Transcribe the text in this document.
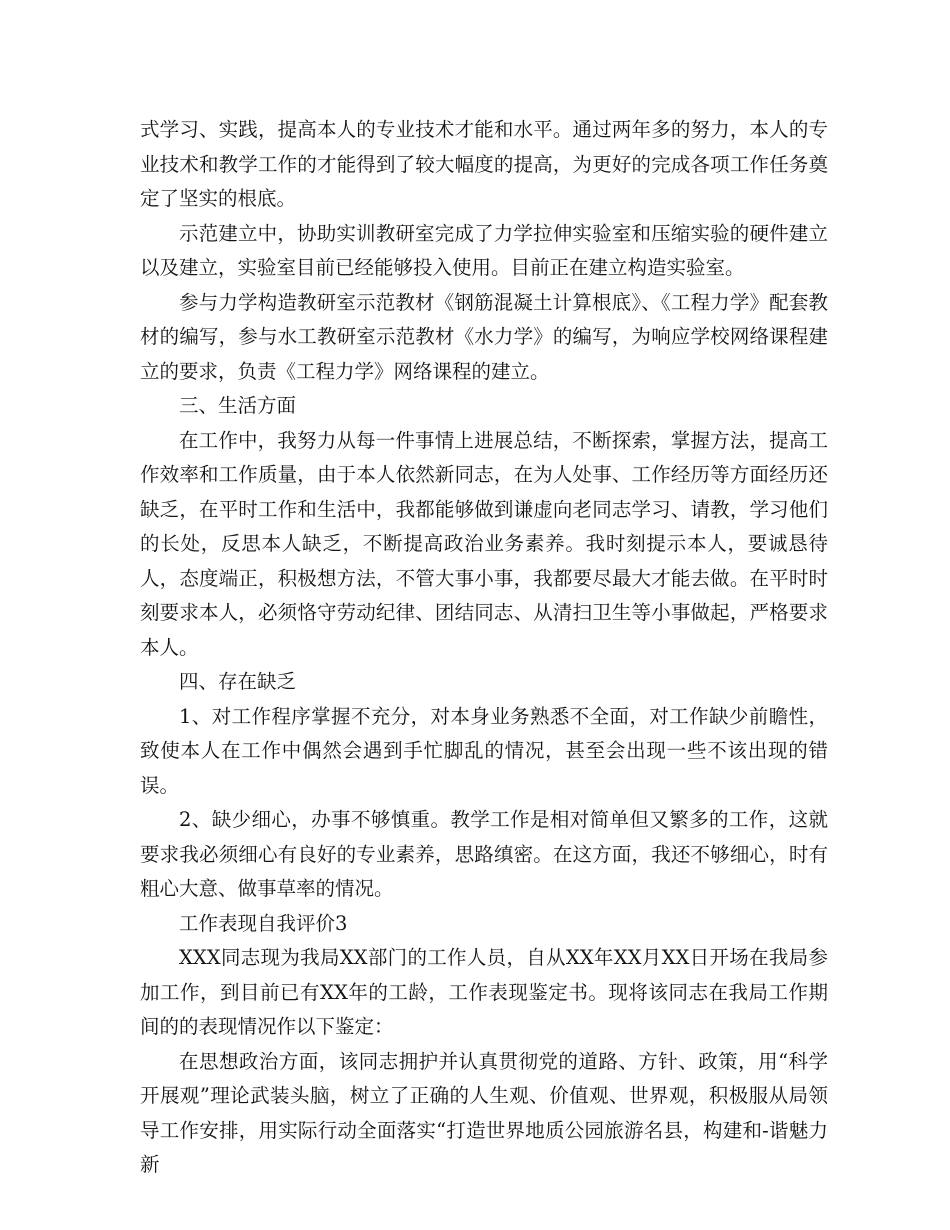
式学习、实践，提高本人的专业技术才能和水平。通过两年多的努力，本人的专业技术和教学工作的才能得到了较大幅度的提高，为更好的完成各项工作任务奠定了坚实的根底。

示范建立中，协助实训教研室完成了力学拉伸实验室和压缩实验的硬件建立以及建立，实验室目前已经能够投入使用。目前正在建立构造实验室。

参与力学构造教研室示范教材《钢筋混凝土计算根底》、《工程力学》配套教材的编写，参与水工教研室示范教材《水力学》的编写，为响应学校网络课程建立的要求，负责《工程力学》网络课程的建立。

三、生活方面

在工作中，我努力从每一件事情上进展总结，不断探索，掌握方法，提高工作效率和工作质量，由于本人依然新同志，在为人处事、工作经历等方面经历还缺乏，在平时工作和生活中，我都能够做到谦虚向老同志学习、请教，学习他们的长处，反思本人缺乏，不断提高政治业务素养。我时刻提示本人，要诚恳待人，态度端正，积极想方法，不管大事小事，我都要尽最大才能去做。在平时时刻要求本人，必须恪守劳动纪律、团结同志、从清扫卫生等小事做起，严格要求本人。

四、存在缺乏

1、对工作程序掌握不充分，对本身业务熟悉不全面，对工作缺少前瞻性，致使本人在工作中偶然会遇到手忙脚乱的情况，甚至会出现一些不该出现的错误。

2、缺少细心，办事不够慎重。教学工作是相对简单但又繁多的工作，这就要求我必须细心有良好的专业素养，思路缜密。在这方面，我还不够细心，时有粗心大意、做事草率的情况。

工作表现自我评价3

XXX同志现为我局XX部门的工作人员，自从XX年XX月XX日开场在我局参加工作，到目前已有XX年的工龄，工作表现鉴定书。现将该同志在我局工作期间的的表现情况作以下鉴定：

在思想政治方面，该同志拥护并认真贯彻党的道路、方针、政策，用“科学开展观”理论武装头脑，树立了正确的人生观、价值观、世界观，积极服从局领导工作安排，用实际行动全面落实“打造世界地质公园旅游名县，构建和-谐魅力新
